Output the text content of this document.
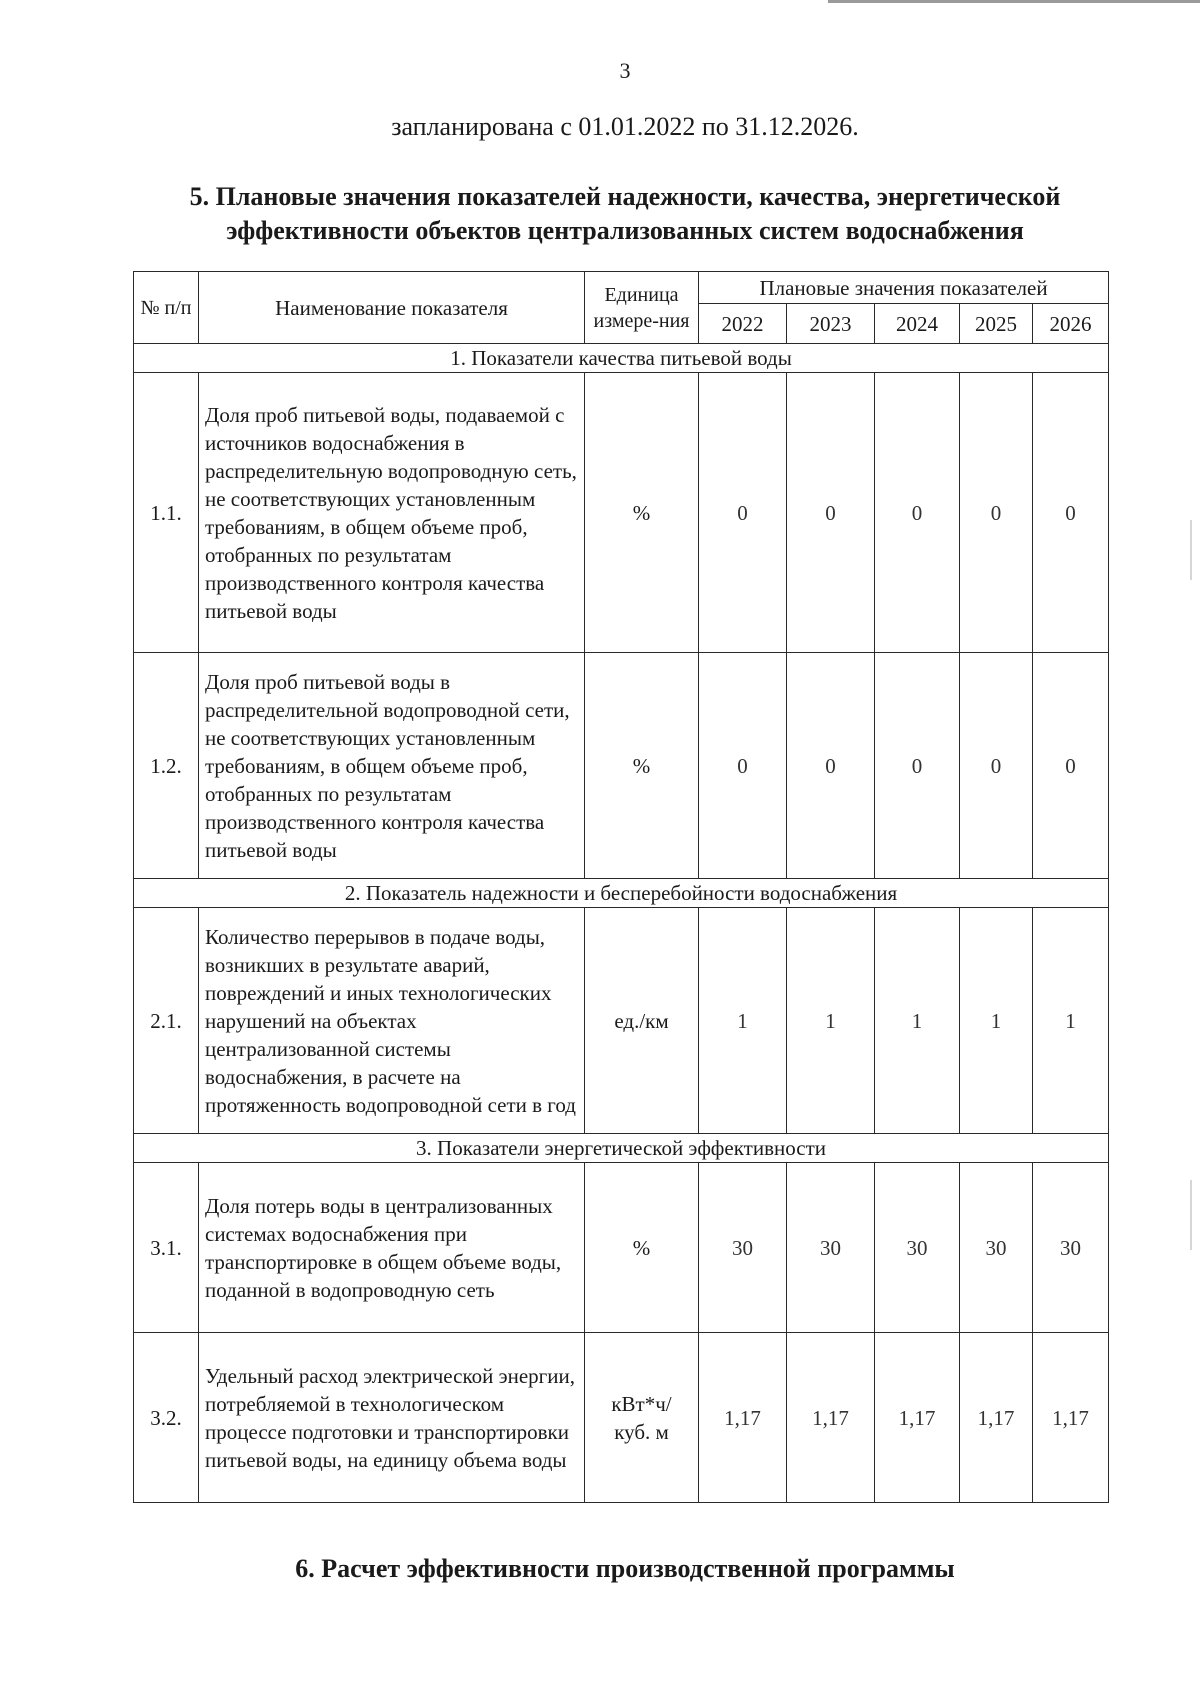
3
запланирована с 01.01.2022 по 31.12.2026.
5. Плановые значения показателей надежности, качества, энергетической
эффективности объектов централизованных систем водоснабжения
№ п/п	Наименование показателя	Единица измере-ния	Плановые значения показателей				
			2022	2023	2024	2025	2026
1. Показатели качества питьевой воды							
1.1.	Доля проб питьевой воды, подаваемой с источников водоснабжения в распределительную водопроводную сеть, не соответствующих установленным требованиям, в общем объеме проб, отобранных по результатам производственного контроля качества питьевой воды	%	0	0	0	0	0
1.2.	Доля проб питьевой воды в распределительной водопроводной сети, не соответствующих установленным требованиям, в общем объеме проб, отобранных по результатам производственного контроля качества питьевой воды	%	0	0	0	0	0
2. Показатель надежности и бесперебойности водоснабжения							
2.1.	Количество перерывов в подаче воды, возникших в результате аварий, повреждений и иных технологических нарушений на объектах централизованной системы водоснабжения, в расчете на протяженность водопроводной сети в год	ед./км	1	1	1	1	1
3. Показатели энергетической эффективности							
3.1.	Доля потерь воды в централизованных системах водоснабжения при транспортировке в общем объеме воды, поданной в водопроводную сеть	%	30	30	30	30	30
3.2.	Удельный расход электрической энергии, потребляемой в технологическом процессе подготовки и транспортировки питьевой воды, на единицу объема воды	кВт*ч/ куб. м	1,17	1,17	1,17	1,17	1,17
6. Расчет эффективности производственной программы
